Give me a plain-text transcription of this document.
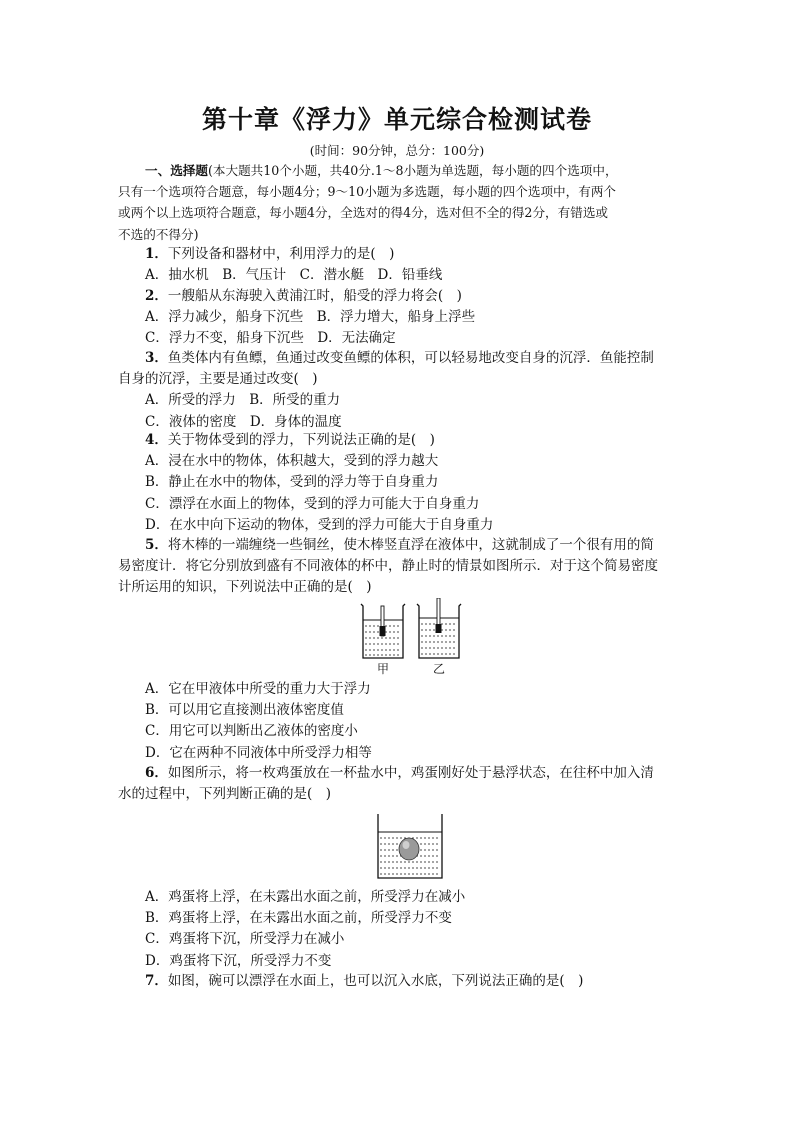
第十章《浮力》单元综合检测试卷
(时间：90分钟，总分：100分)
一、选择题(本大题共10个小题，共40分.1～8小题为单选题，每小题的四个选项中，
只有一个选项符合题意，每小题4分；9～10小题为多选题，每小题的四个选项中，有两个
或两个以上选项符合题意，每小题4分，全选对的得4分，选对但不全的得2分，有错选或
不选的不得分)
1．下列设备和器材中，利用浮力的是(　)
A．抽水机　B．气压计　C．潜水艇　D．铅垂线
2．一艘船从东海驶入黄浦江时，船受的浮力将会(　)
A．浮力减少，船身下沉些　B．浮力增大，船身上浮些
C．浮力不变，船身下沉些　D．无法确定
3．鱼类体内有鱼鳔，鱼通过改变鱼鳔的体积，可以轻易地改变自身的沉浮．鱼能控制
自身的沉浮，主要是通过改变(　)
A．所受的浮力　B．所受的重力
C．液体的密度　D．身体的温度
4．关于物体受到的浮力，下列说法正确的是(　)
A．浸在水中的物体，体积越大，受到的浮力越大
B．静止在水中的物体，受到的浮力等于自身重力
C．漂浮在水面上的物体，受到的浮力可能大于自身重力
D．在水中向下运动的物体，受到的浮力可能大于自身重力
5．将木棒的一端缠绕一些铜丝，使木棒竖直浮在液体中，这就制成了一个很有用的简
易密度计．将它分别放到盛有不同液体的杯中，静止时的情景如图所示．对于这个简易密度
计所运用的知识，下列说法中正确的是(　)
甲	乙
A．它在甲液体中所受的重力大于浮力
B．可以用它直接测出液体密度值
C．用它可以判断出乙液体的密度小
D．它在两种不同液体中所受浮力相等
6．如图所示，将一枚鸡蛋放在一杯盐水中，鸡蛋刚好处于悬浮状态，在往杯中加入清
水的过程中，下列判断正确的是(　)
A．鸡蛋将上浮，在未露出水面之前，所受浮力在减小
B．鸡蛋将上浮，在未露出水面之前，所受浮力不变
C．鸡蛋将下沉，所受浮力在减小
D．鸡蛋将下沉，所受浮力不变
7．如图，碗可以漂浮在水面上，也可以沉入水底，下列说法正确的是(　)
